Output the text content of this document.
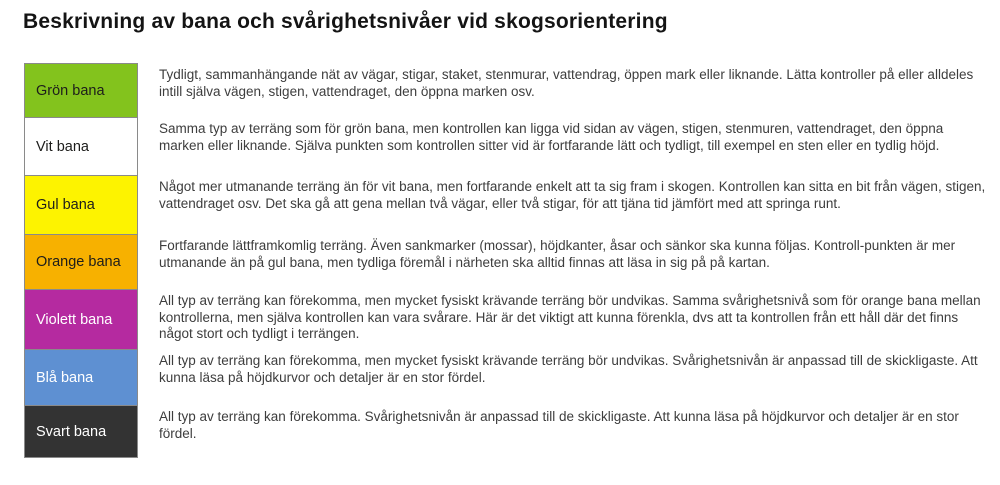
Beskrivning av bana och svårighetsnivåer vid skogsorientering
Grön bana
Tydligt, sammanhängande nät av vägar, stigar, staket, stenmurar, vattendrag, öppen mark eller liknande. Lätta kontroller på eller alldeles intill själva vägen, stigen, vattendraget, den öppna marken osv.
Vit bana
Samma typ av terräng som för grön bana, men kontrollen kan ligga vid sidan av vägen, stigen, stenmuren, vattendraget, den öppna marken eller liknande. Själva punkten som kontrollen sitter vid är fortfarande lätt och tydligt, till exempel en sten eller en tydlig höjd.
Gul bana
Något mer utmanande terräng än för vit bana, men fortfarande enkelt att ta sig fram i skogen. Kontrollen kan sitta en bit från vägen, stigen, vattendraget osv. Det ska gå att gena mellan två vägar, eller två stigar, för att tjäna tid jämfört med att springa runt.
Orange bana
Fortfarande lättframkomlig terräng. Även sankmarker (mossar), höjdkanter, åsar och sänkor ska kunna följas. Kontroll-punkten är mer utmanande än på gul bana, men tydliga föremål i närheten ska alltid finnas att läsa in sig på på kartan.
Violett bana
All typ av terräng kan förekomma, men mycket fysiskt krävande terräng bör undvikas. Samma svårighetsnivå som för orange bana mellan kontrollerna, men själva kontrollen kan vara svårare. Här är det viktigt att kunna förenkla, dvs att ta kontrollen från ett håll där det finns något stort och tydligt i terrängen.
Blå bana
All typ av terräng kan förekomma, men mycket fysiskt krävande terräng bör undvikas. Svårighetsnivån är anpassad till de skickligaste. Att kunna läsa på höjdkurvor och detaljer är en stor fördel.
Svart bana
All typ av terräng kan förekomma. Svårighetsnivån är anpassad till de skickligaste. Att kunna läsa på höjdkurvor och detaljer är en stor fördel.
